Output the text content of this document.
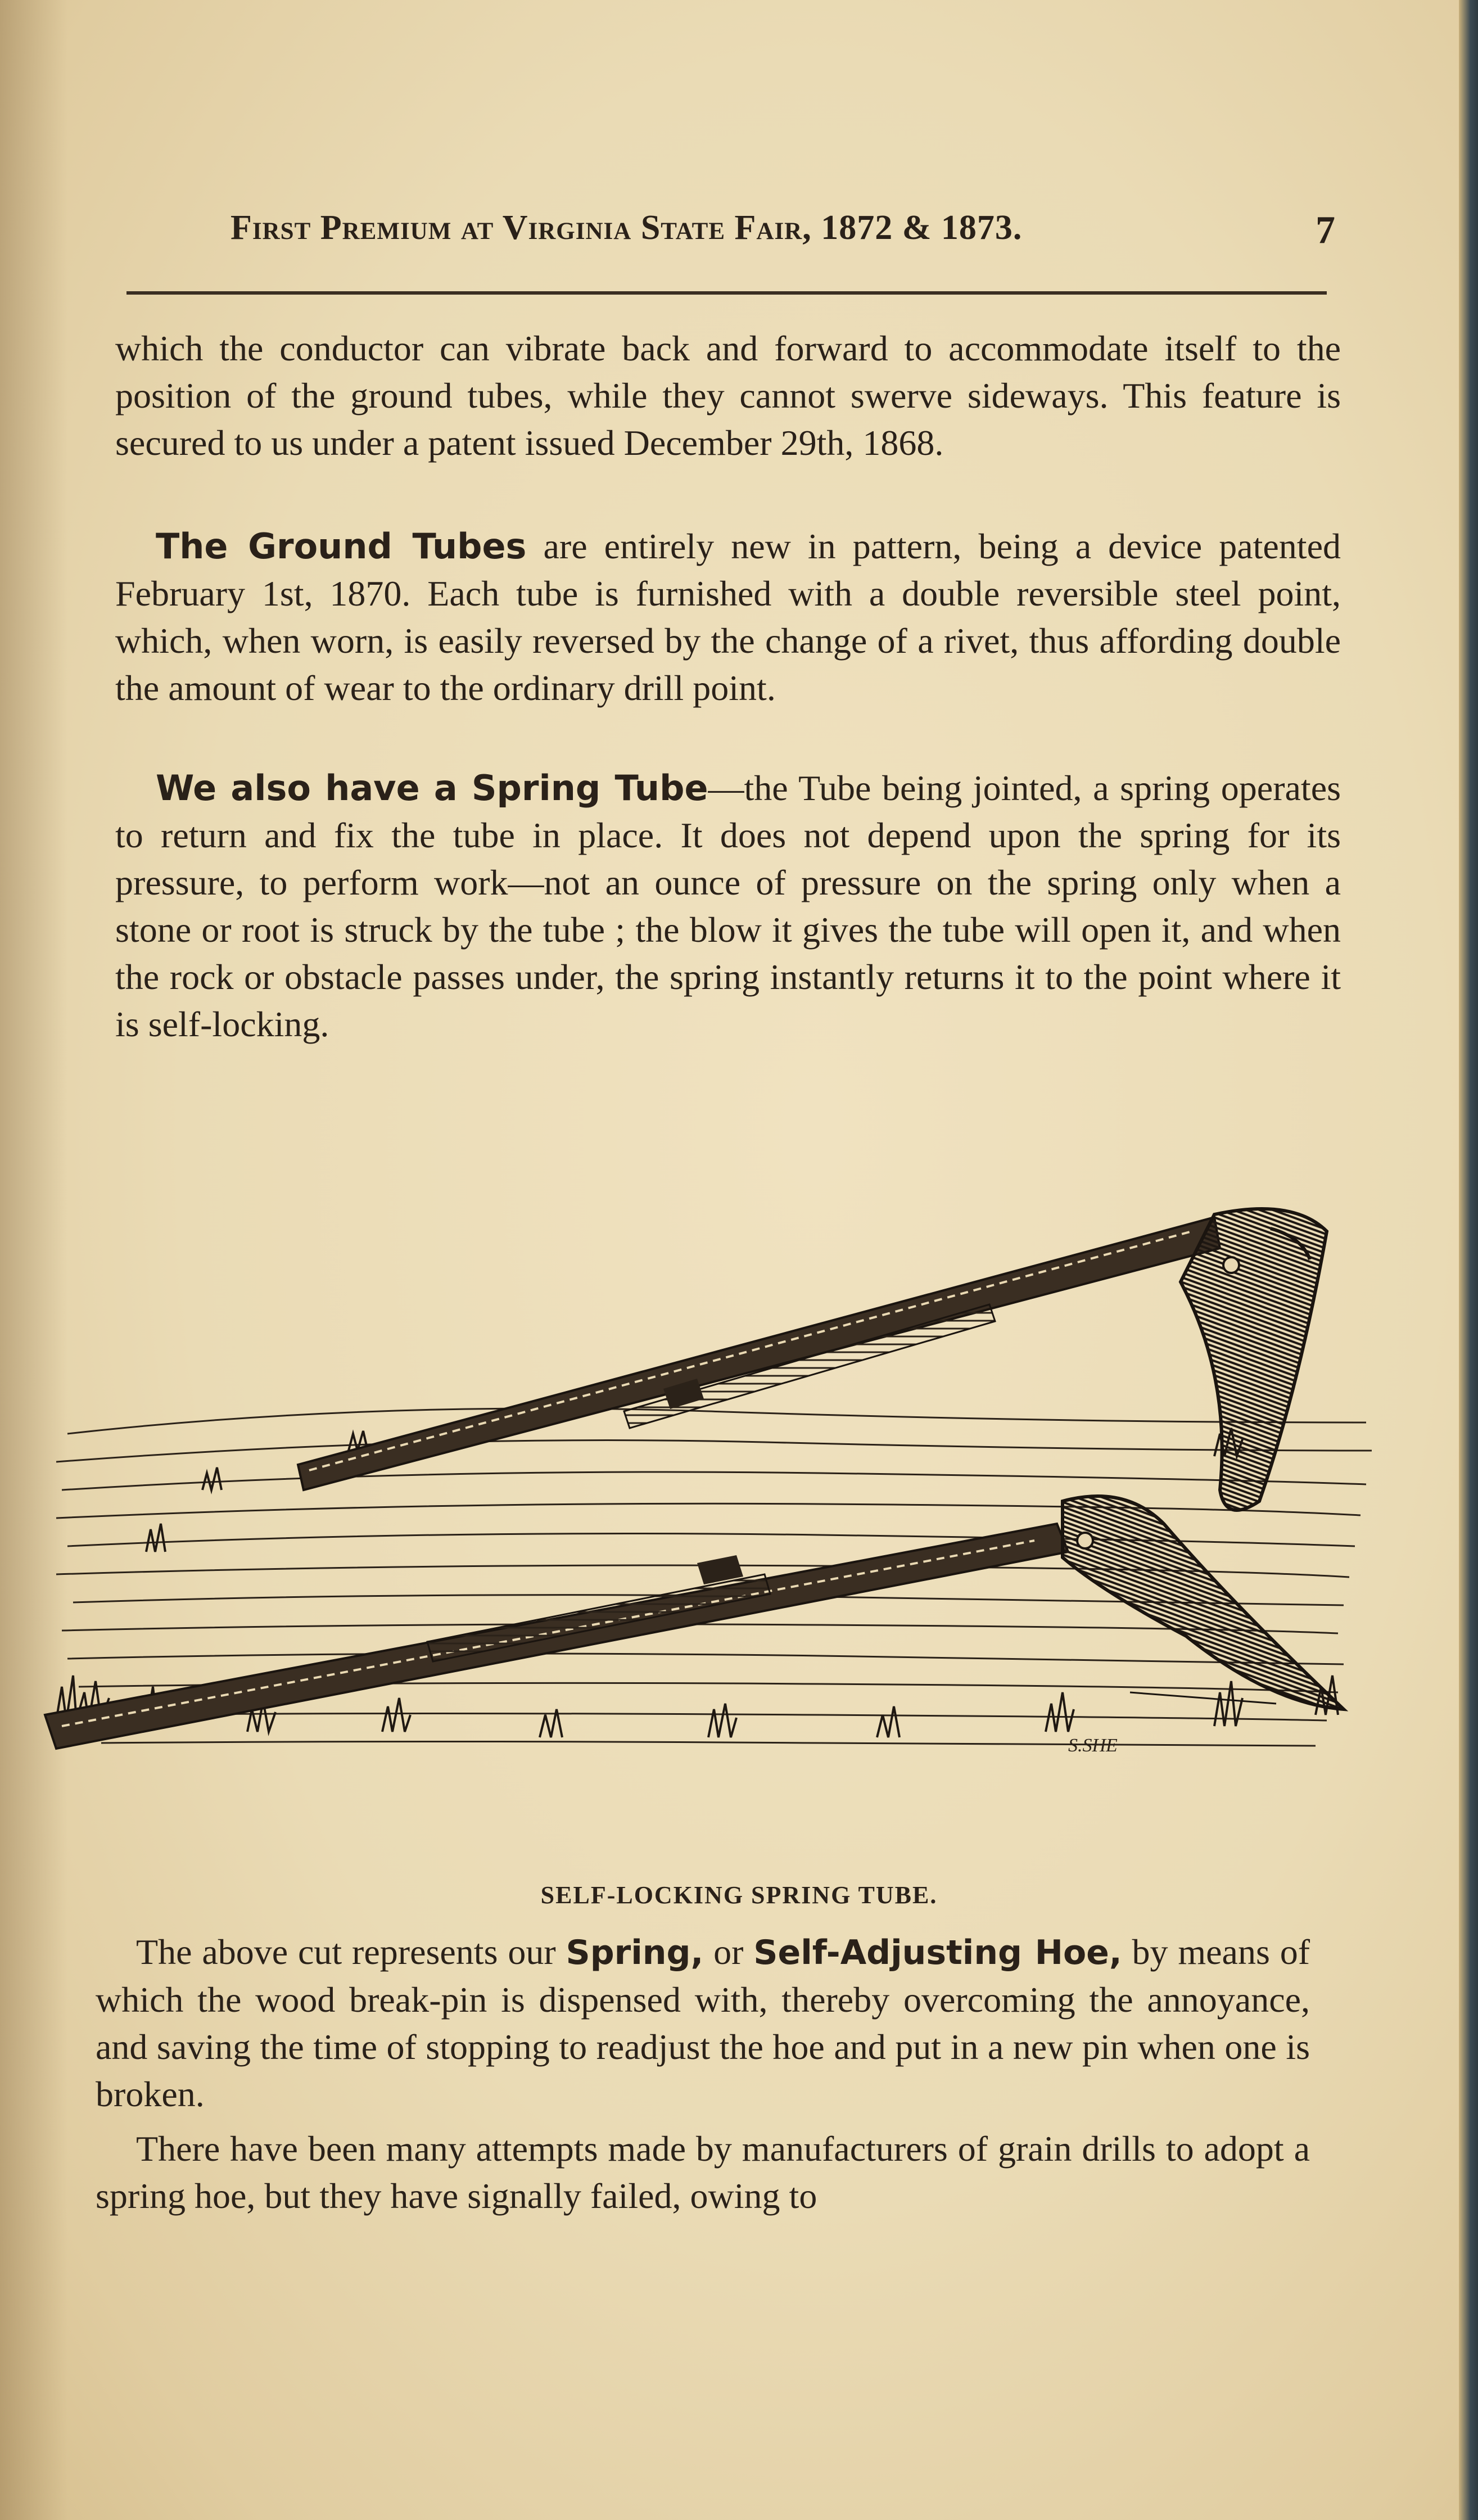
First Premium at Virginia State Fair, 1872 & 1873.	7
which the conductor can vibrate back and forward to accommodate itself to the position of the ground tubes, while they cannot swerve sideways. This feature is secured to us under a patent issued December 29th, 1868.
The Ground Tubes are entirely new in pattern, being a device patented February 1st, 1870. Each tube is furnished with a double reversible steel point, which, when worn, is easily reversed by the change of a rivet, thus affording double the amount of wear to the ordinary drill point.
We also have a Spring Tube—the Tube being jointed, a spring operates to return and fix the tube in place. It does not depend upon the spring for its pressure, to perform work—not an ounce of pressure on the spring only when a stone or root is struck by the tube ; the blow it gives the tube will open it, and when the rock or obstacle passes under, the spring instantly returns it to the point where it is self-locking.
S.SHE
SELF-LOCKING SPRING TUBE.
The above cut represents our Spring, or Self-Adjusting Hoe, by means of which the wood break-pin is dispensed with, thereby overcoming the annoyance, and saving the time of stopping to readjust the hoe and put in a new pin when one is broken.
There have been many attempts made by manufacturers of grain drills to adopt a spring hoe, but they have signally failed, owing to
